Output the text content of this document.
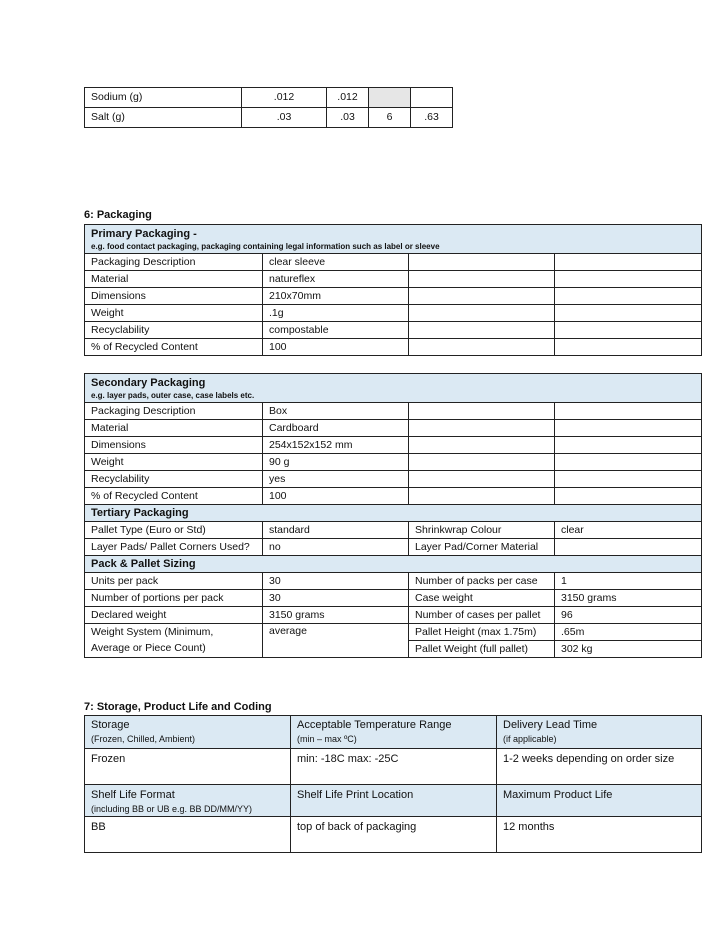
Sodium (g)	.012	.012		
Salt (g)	.03	.03	6	.63
6: Packaging
Primary Packaging -
e.g. food contact packaging, packaging containing legal information such as label or sleeve			

Packaging Description	clear sleeve		
Material	natureflex		
Dimensions	210x70mm		
Weight	.1g		
Recyclability	compostable		
% of Recycled Content	100		
Secondary Packaging
e.g. layer pads, outer case, case labels etc.			

Packaging Description	Box		
Material	Cardboard		
Dimensions	254x152x152 mm		
Weight	90 g		
Recyclability	yes		
% of Recycled Content	100		
Tertiary Packaging			
Pallet Type (Euro or Std)	standard	Shrinkwrap Colour	clear
Layer Pads/ Pallet Corners Used?	no	Layer Pad/Corner Material	
Pack & Pallet Sizing			
Units per pack	30	Number of packs per case	1
Number of portions per pack	30	Case weight	3150 grams
Declared weight	3150 grams	Number of cases per pallet	96

Weight System (Minimum,
Average or Piece Count)	average	Pallet Height (max 1.75m)	.65m
		Pallet Weight (full pallet)	302 kg
7: Storage, Product Life and Coding
Storage
(Frozen, Chilled, Ambient)	Acceptable Temperature Range
(min – max ºC)	Delivery Lead Time
(if applicable)

Frozen	min: -18C max: -25C	1-2 weeks depending on order size

Shelf Life Format
(including BB or UB e.g. BB DD/MM/YY)	Shelf Life Print Location	Maximum Product Life
BB	top of back of packaging	12 months
